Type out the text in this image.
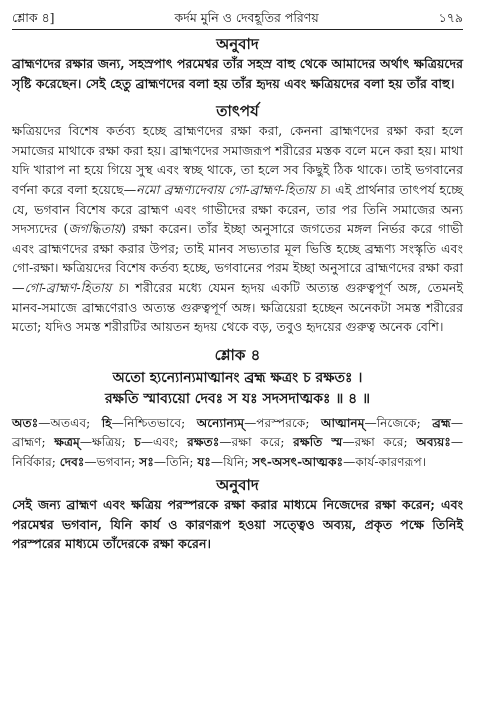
শ্লোক ৪]	কর্দম মুনি ও দেবহূতির পরিণয়	১৭৯
অনুবাদ

ব্রাহ্মণদের রক্ষার জন্য, সহস্রপাৎ পরমেশ্বর তাঁর সহস্র বাহু থেকে আমাদের অর্থাৎ ক্ষত্রিয়দের সৃষ্টি করেছেন। সেই হেতু ব্রাহ্মণদের বলা হয় তাঁর হৃদয় এবং ক্ষত্রিয়দের বলা হয় তাঁর বাহু।

তাৎপর্য

ক্ষত্রিয়দের বিশেষ কর্তব্য হচ্ছে ব্রাহ্মণদের রক্ষা করা, কেননা ব্রাহ্মণদের রক্ষা করা হলে সমাজের মাথাকে রক্ষা করা হয়। ব্রাহ্মণদের সমাজরূপ শরীরের মস্তক বলে মনে করা হয়। মাথা যদি খারাপ না হয়ে গিয়ে সুস্থ এবং স্বচ্ছ থাকে, তা হলে সব কিছুই ঠিক থাকে। তাই ভগবানের বর্ণনা করে বলা হয়েছে—নমো ব্রহ্মণ্যদেবায় গো-ব্রাহ্মণ-হিতায় চ। এই প্রার্থনার তাৎপর্য হচ্ছে যে, ভগবান বিশেষ করে ব্রাহ্মণ এবং গাভীদের রক্ষা করেন, তার পর তিনি সমাজের অন্য সদস্যদের (জগদ্ধিতায়) রক্ষা করেন। তাঁর ইচ্ছা অনুসারে জগতের মঙ্গল নির্ভর করে গাভী এবং ব্রাহ্মণদের রক্ষা করার উপর; তাই মানব সভ্যতার মূল ভিত্তি হচ্ছে ব্রহ্মণ্য সংস্কৃতি এবং গো-রক্ষা। ক্ষত্রিয়দের বিশেষ কর্তব্য হচ্ছে, ভগবানের পরম ইচ্ছা অনুসারে ব্রাহ্মণদের রক্ষা করা—গো-ব্রাহ্মণ-হিতায় চ। শরীরের মধ্যে যেমন হৃদয় একটি অত্যন্ত গুরুত্বপূর্ণ অঙ্গ, তেমনই মানব-সমাজে ব্রাহ্মণেরাও অত্যন্ত গুরুত্বপূর্ণ অঙ্গ। ক্ষত্রিয়েরা হচ্ছেন অনেকটা সমস্ত শরীরের মতো; যদিও সমস্ত শরীরটির আয়তন হৃদয় থেকে বড়, তবুও হৃদয়ের গুরুত্ব অনেক বেশি।

শ্লোক ৪
অতো হ্যন্যোন্যমাত্মানং ব্রহ্ম ক্ষত্রং চ রক্ষতঃ ।
রক্ষতি স্মাব্যয়ো দেবঃ স যঃ সদসদাত্মকঃ ॥ ৪ ॥

অতঃ—অতএব; হি—নিশ্চিতভাবে; অন্যোন্যম্—পরস্পরকে; আত্মানম্—নিজেকে; ব্রহ্ম—ব্রাহ্মণ; ক্ষত্রম্—ক্ষত্রিয়; চ—এবং; রক্ষতঃ—রক্ষা করে; রক্ষতি স্ম—রক্ষা করে; অব্যয়ঃ—নির্বিকার; দেবঃ—ভগবান; সঃ—তিনি; যঃ—যিনি; সৎ-অসৎ-আত্মকঃ—কার্য-কারণরূপ।

অনুবাদ

সেই জন্য ব্রাহ্মণ এবং ক্ষত্রিয় পরস্পরকে রক্ষা করার মাধ্যমে নিজেদের রক্ষা করেন; এবং পরমেশ্বর ভগবান, যিনি কার্য ও কারণরূপ হওয়া সত্ত্বেও অব্যয়, প্রকৃত পক্ষে তিনিই পরস্পরের মাধ্যমে তাঁদেরকে রক্ষা করেন।
